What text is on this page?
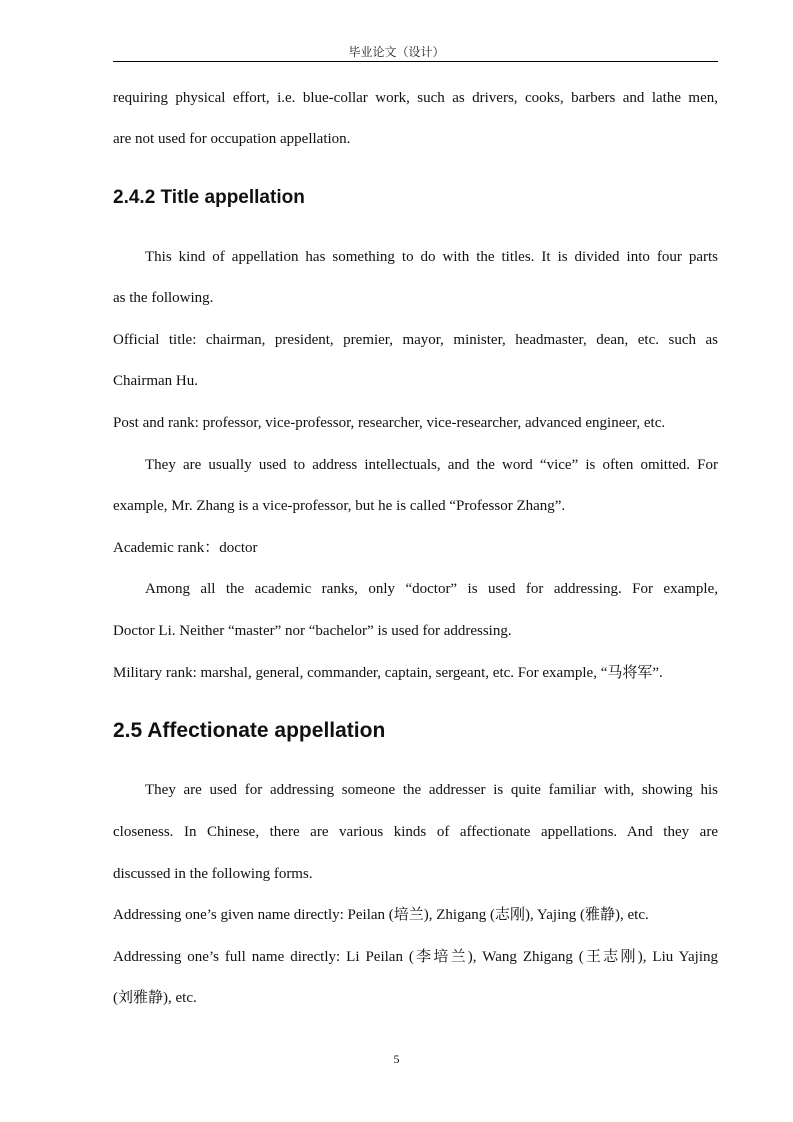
毕业论文（设计）
requiring physical effort, i.e. blue-collar work, such as drivers, cooks, barbers and lathe men,
are not used for occupation appellation.
2.4.2 Title appellation
This kind of appellation has something to do with the titles. It is divided into four parts
as the following.
Official title: chairman, president, premier, mayor, minister, headmaster, dean, etc. such as
Chairman Hu.
Post and rank: professor, vice-professor, researcher, vice-researcher, advanced engineer, etc.
They are usually used to address intellectuals, and the word “vice” is often omitted. For
example, Mr. Zhang is a vice-professor, but he is called “Professor Zhang”.
Academic rank：doctor
Among all the academic ranks, only “doctor” is used for addressing. For example,
Doctor Li. Neither “master” nor “bachelor” is used for addressing.
Military rank: marshal, general, commander, captain, sergeant, etc. For example, “马将军”.
2.5 Affectionate appellation
They are used for addressing someone the addresser is quite familiar with, showing his
closeness. In Chinese, there are various kinds of affectionate appellations. And they are
discussed in the following forms.
Addressing one’s given name directly: Peilan (培兰), Zhigang (志刚), Yajing (雅静), etc.
Addressing one’s full name directly: Li Peilan (李培兰), Wang Zhigang (王志刚), Liu Yajing
(刘雅静), etc.
5
